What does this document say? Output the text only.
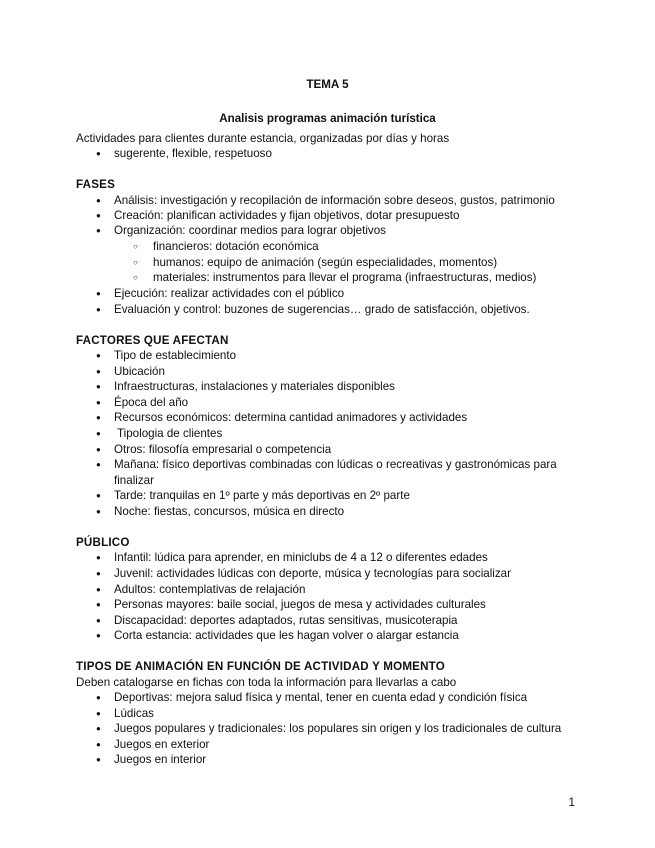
TEMA 5
Analisis programas animación turística
Actividades para clientes durante estancia, organizadas por días y horas
● sugerente, flexible, respetuoso
FASES
● Análisis: investigación y recopilación de información sobre deseos, gustos, patrimonio
● Creación: planifican actividades y fijan objetivos, dotar presupuesto
● Organización: coordinar medios para lograr objetivos
○ financieros: dotación económica
○ humanos: equipo de animación (según especialidades, momentos)
○ materiales: instrumentos para llevar el programa (infraestructuras, medios)
● Ejecución: realizar actividades con el público
● Evaluación y control: buzones de sugerencias… grado de satisfacción, objetivos.
FACTORES QUE AFECTAN
● Tipo de establecimiento
● Ubicación
● Infraestructuras, instalaciones y materiales disponibles
● Época del año
● Recursos económicos: determina cantidad animadores y actividades
● Tipologia de clientes
● Otros: filosofía empresarial o competencia
● Mañana: físico deportivas combinadas con lúdicas o recreativas y gastronómicas para
finalizar
● Tarde: tranquilas en 1º parte y más deportivas en 2º parte
● Noche: fiestas, concursos, música en directo
PÚBLICO
● Infantil: lúdica para aprender, en miniclubs de 4 a 12 o diferentes edades
● Juvenil: actividades lúdicas con deporte, música y tecnologías para socializar
● Adultos: contemplativas de relajación
● Personas mayores: baile social, juegos de mesa y actividades culturales
● Discapacidad: deportes adaptados, rutas sensitivas, musicoterapia
● Corta estancia: actividades que les hagan volver o alargar estancia
TIPOS DE ANIMACIÓN EN FUNCIÓN DE ACTIVIDAD Y MOMENTO
Deben catalogarse en fichas con toda la información para llevarlas a cabo
● Deportivas: mejora salud física y mental, tener en cuenta edad y condición física
● Lúdicas
● Juegos populares y tradicionales: los populares sin origen y los tradicionales de cultura
● Juegos en exterior
● Juegos en interior
1
